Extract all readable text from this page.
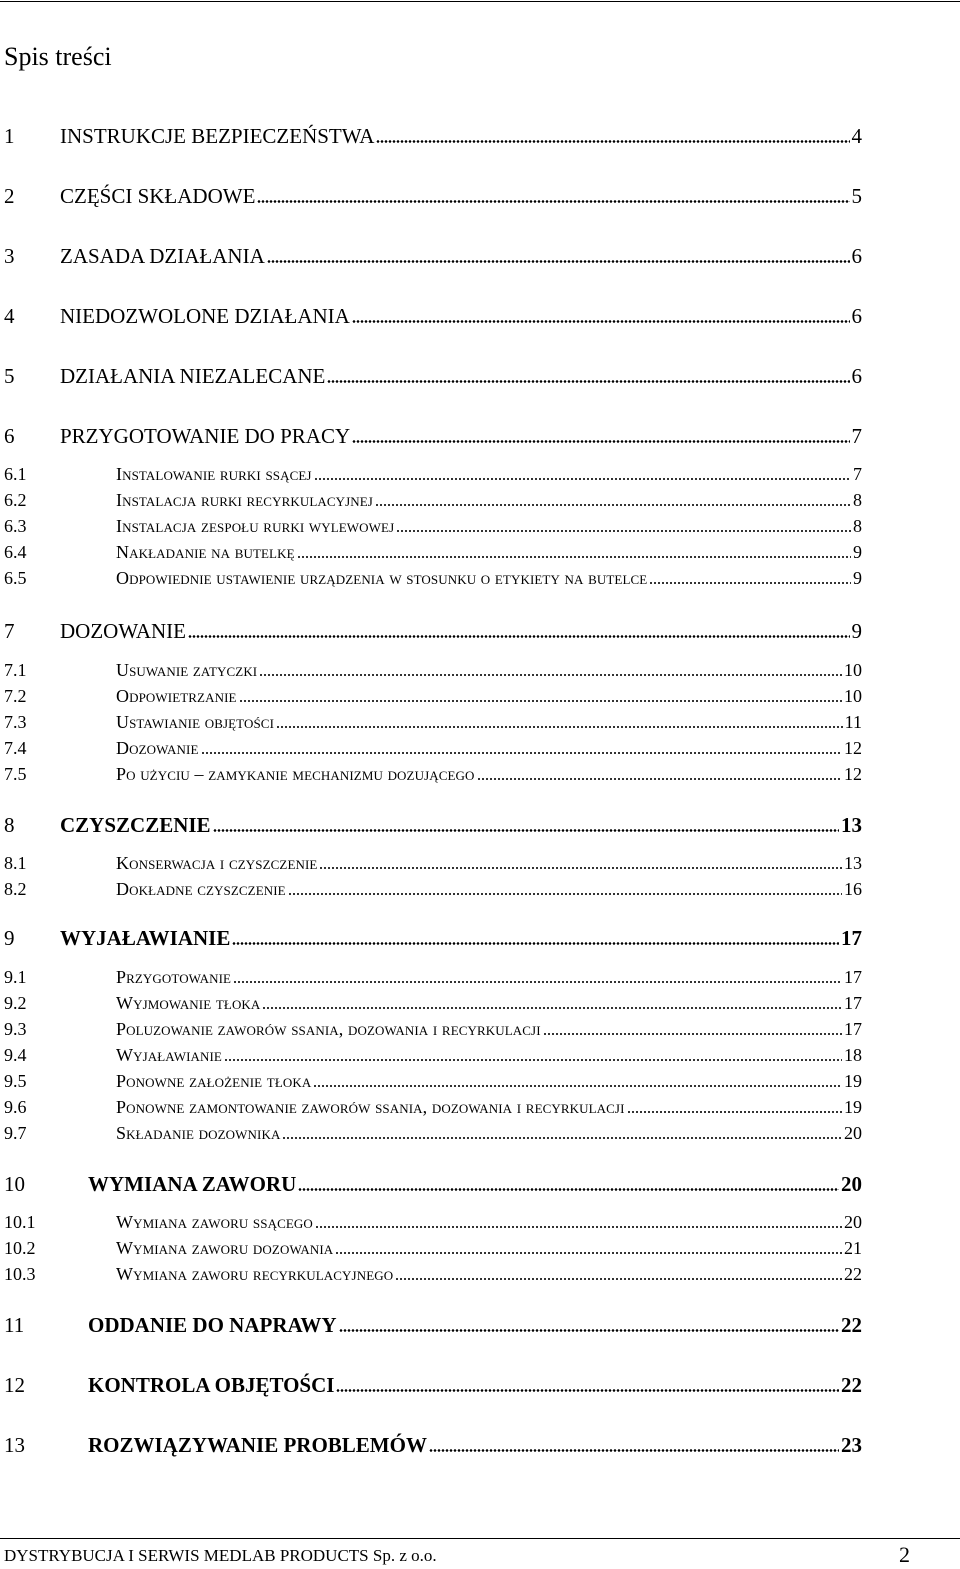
Spis treści
1	INSTRUKCJE BEZPIECZEŃSTWA	4
2	CZĘŚCI SKŁADOWE	5
3	ZASADA DZIAŁANIA	6
4	NIEDOZWOLONE DZIAŁANIA	6
5	DZIAŁANIA NIEZALECANE	6
6	PRZYGOTOWANIE DO PRACY	7
6.1	Instalowanie rurki ssącej	7
6.2	Instalacja rurki recyrkulacyjnej	8
6.3	Instalacja zespołu rurki wylewowej	8
6.4	Nakładanie na butelkę	9
6.5	Odpowiednie ustawienie urządzenia w stosunku o etykiety na butelce	9
7	DOZOWANIE	9
7.1	Usuwanie zatyczki	10
7.2	Odpowietrzanie	10
7.3	Ustawianie objętości	11
7.4	Dozowanie	12
7.5	Po użyciu – zamykanie mechanizmu dozującego	12
8	CZYSZCZENIE	13
8.1	Konserwacja i czyszczenie	13
8.2	Dokładne czyszczenie	16
9	WYJAŁAWIANIE	17
9.1	Przygotowanie	17
9.2	Wyjmowanie tłoka	17
9.3	Poluzowanie zaworów ssania, dozowania i recyrkulacji	17
9.4	Wyjaławianie	18
9.5	Ponowne założenie tłoka	19
9.6	Ponowne zamontowanie zaworów ssania, dozowania i recyrkulacji	19
9.7	Składanie dozownika	20
10	WYMIANA ZAWORU	20
10.1	Wymiana zaworu ssącego	20
10.2	Wymiana zaworu dozowania	21
10.3	Wymiana zaworu recyrkulacyjnego	22
11	ODDANIE DO NAPRAWY	22
12	KONTROLA OBJĘTOŚCI	22
13	ROZWIĄZYWANIE PROBLEMÓW	23
DYSTRYBUCJA I SERWIS MEDLAB PRODUCTS Sp. z o.o.	2
